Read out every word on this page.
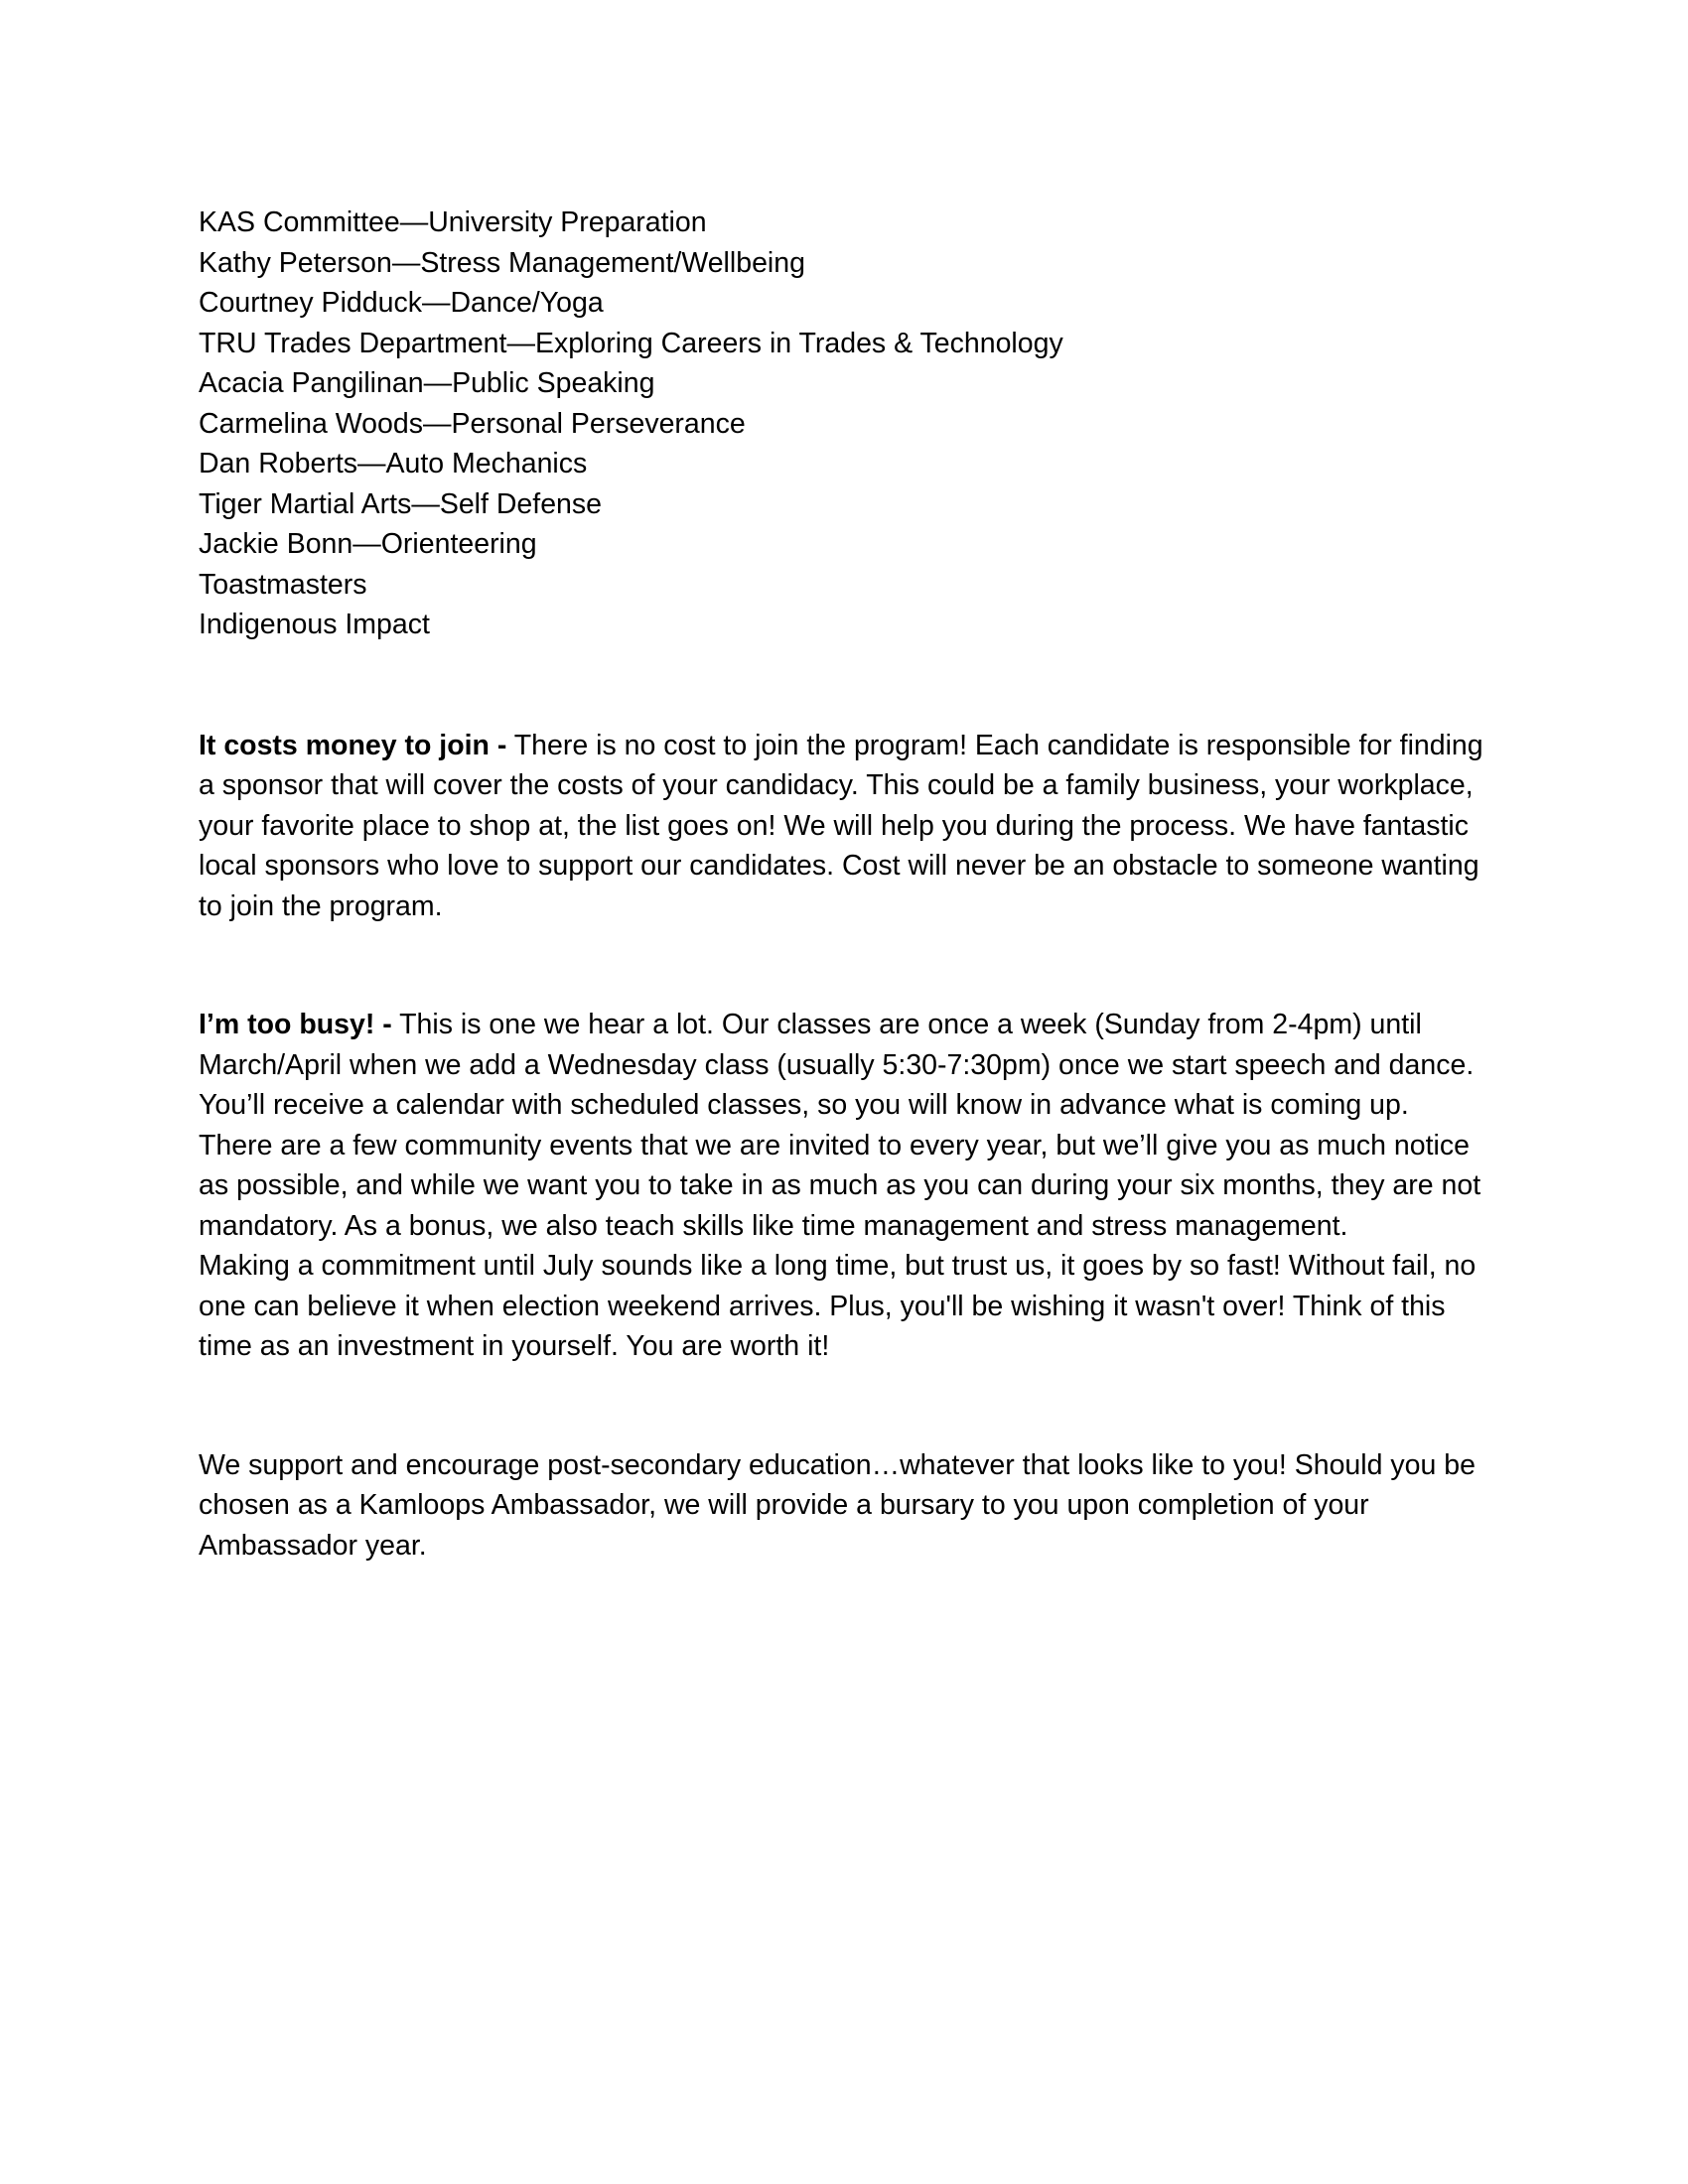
KAS Committee—University Preparation
Kathy Peterson—Stress Management/Wellbeing
Courtney Pidduck—Dance/Yoga
TRU Trades Department—Exploring Careers in Trades & Technology
Acacia Pangilinan—Public Speaking
Carmelina Woods—Personal Perseverance
Dan Roberts—Auto Mechanics
Tiger Martial Arts—Self Defense
Jackie Bonn—Orienteering
Toastmasters
Indigenous Impact

It costs money to join - There is no cost to join the program! Each candidate is responsible for finding a sponsor that will cover the costs of your candidacy. This could be a family business, your workplace, your favorite place to shop at, the list goes on! We will help you during the process. We have fantastic local sponsors who love to support our candidates. Cost will never be an obstacle to someone wanting to join the program.

I’m too busy! - This is one we hear a lot. Our classes are once a week (Sunday from 2-4pm) until March/April when we add a Wednesday class (usually 5:30-7:30pm) once we start speech and dance. You’ll receive a calendar with scheduled classes, so you will know in advance what is coming up. There are a few community events that we are invited to every year, but we’ll give you as much notice as possible, and while we want you to take in as much as you can during your six months, they are not mandatory. As a bonus, we also teach skills like time management and stress management.

Making a commitment until July sounds like a long time, but trust us, it goes by so fast! Without fail, no one can believe it when election weekend arrives. Plus, you'll be wishing it wasn't over! Think of this time as an investment in yourself. You are worth it!

We support and encourage post-secondary education…whatever that looks like to you! Should you be chosen as a Kamloops Ambassador, we will provide a bursary to you upon completion of your Ambassador year.
